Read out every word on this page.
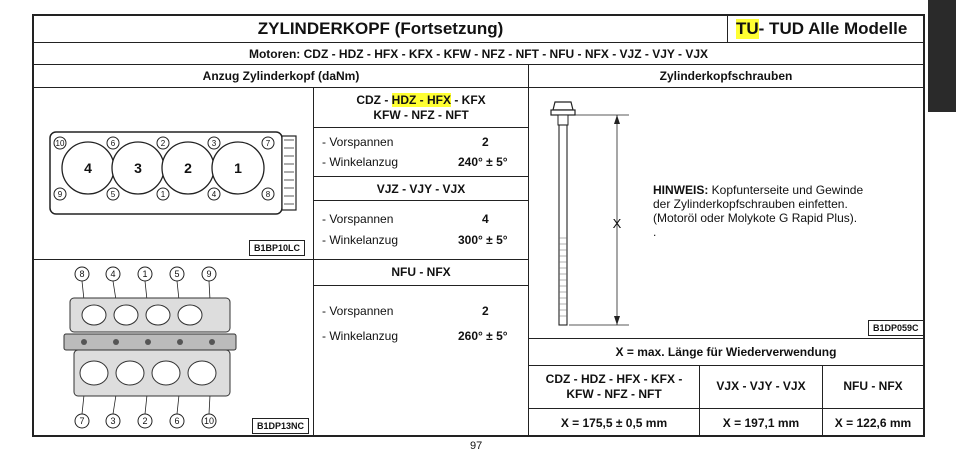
ZYLINDERKOPF (Fortsetzung)	TU - TUD Alle Modelle
Motoren: CDZ - HDZ - HFX - KFX - KFW - NFZ - NFT - NFU - NFX - VJZ - VJY - VJX
Anzug Zylinderkopf (daNm)	Zylinderkopfschrauben
10	6	2	3	7
9	5	1	4	8
4	3	2	1
B1BP10LC
8	4	1	5	9
7	3	2	6	10	B1DP13NC
CDZ - HDZ - HFX - KFX
KFW - NFZ - NFT
- Vorspannen	2
- Winkelanzug	240° ± 5°
VJZ - VJY - VJX
- Vorspannen	4
- Winkelanzug	300° ± 5°
NFU - NFX
- Vorspannen	2
- Winkelanzug	260° ± 5°
X
HINWEIS: Kopfunterseite und Gewinde
der Zylinderkopfschrauben einfetten.
(Motoröl oder Molykote G Rapid Plus).
.
B1DP059C
X = max. Länge für Wiederverwendung
CDZ - HDZ - HFX - KFX -
KFW - NFZ - NFT
VJX - VJY - VJX	NFU - NFX
X = 175,5 ± 0,5 mm	X = 197,1 mm	X = 122,6 mm
97
